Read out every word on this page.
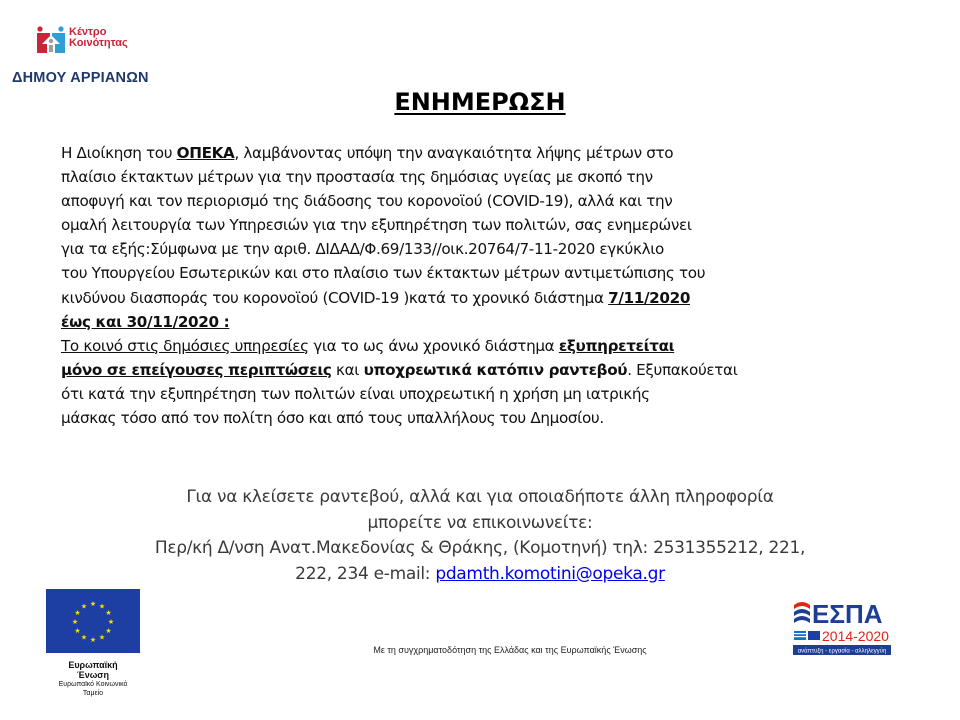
Κέντρο
Κοινότητας
ΔΗΜΟΥ ΑΡΡΙΑΝΩΝ
ΕΝΗΜΕΡΩΣΗ
Η Διοίκηση του ΟΠΕΚΑ, λαμβάνοντας υπόψη την αναγκαιότητα λήψης μέτρων στο
πλαίσιο έκτακτων μέτρων για την προστασία της δημόσιας υγείας με σκοπό την
αποφυγή και τον περιορισμό της διάδοσης του κορονοϊού (COVID-19), αλλά και την
ομαλή λειτουργία των Υπηρεσιών για την εξυπηρέτηση των πολιτών, σας ενημερώνει
για τα εξής:Σύμφωνα με την αριθ. ΔΙΔΑΔ/Φ.69/133//οικ.20764/7-11-2020 εγκύκλιο
του Υπουργείου Εσωτερικών και στο πλαίσιο των έκτακτων μέτρων αντιμετώπισης του
κινδύνου διασποράς του κορονοϊού (COVID-19 )κατά το χρονικό διάστημα 7/11/2020
έως και 30/11/2020 :
Το κοινό στις δημόσιες υπηρεσίες για το ως άνω χρονικό διάστημα εξυπηρετείται
μόνο σε επείγουσες περιπτώσεις και υποχρεωτικά κατόπιν ραντεβού. Εξυπακούεται
ότι κατά την εξυπηρέτηση των πολιτών είναι υποχρεωτική η χρήση μη ιατρικής
μάσκας τόσο από τον πολίτη όσο και από τους υπαλλήλους του Δημοσίου.
Για να κλείσετε ραντεβού, αλλά και για οποιαδήποτε άλλη πληροφορία
μπορείτε να επικοινωνείτε:
Περ/κή Δ/νση Ανατ.Μακεδονίας & Θράκης, (Κομοτηνή) τηλ: 2531355212, 221,
222, 234 e-mail: pdamth.komotini@opeka.gr
★ ★
★
★
★
★
★
★
★
★
★
★
Ευρωπαϊκή
Ένωση
Ευρωπαϊκό Κοινωνικό
Ταμείο
Με τη συγχρηματοδότηση της Ελλάδας και της Ευρωπαϊκής Ένωσης
ΕΣΠΑ
2014-2020
ανάπτυξη - εργασία - αλληλεγγύη
